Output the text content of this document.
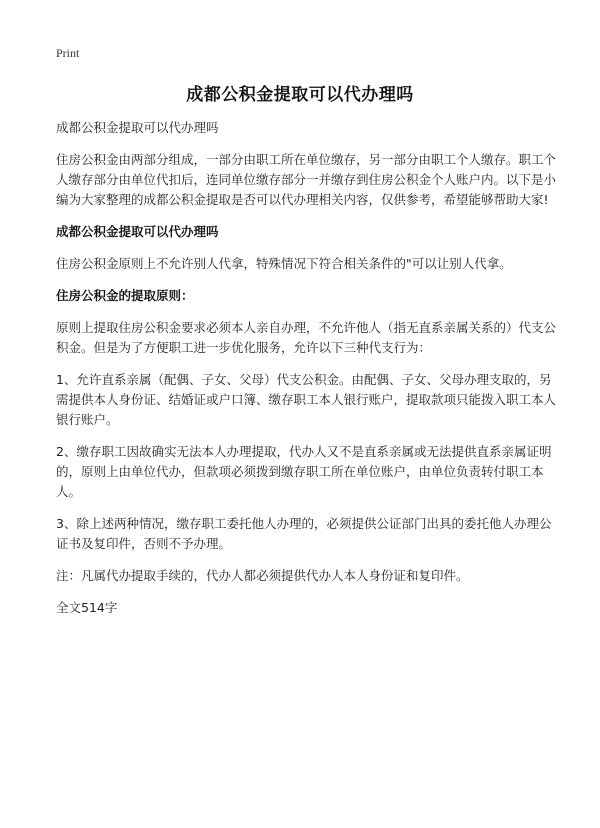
Print
成都公积金提取可以代办理吗

成都公积金提取可以代办理吗

住房公积金由两部分组成，一部分由职工所在单位缴存，另一部分由职工个人缴存。职工个人缴存部分由单位代扣后，连同单位缴存部分一并缴存到住房公积金个人账户内。以下是小编为大家整理的成都公积金提取是否可以代办理相关内容，仅供参考，希望能够帮助大家!

成都公积金提取可以代办理吗

住房公积金原则上不允许别人代拿，特殊情况下符合相关条件的"可以让别人代拿。

住房公积金的提取原则：

原则上提取住房公积金要求必须本人亲自办理，不允许他人（指无直系亲属关系的）代支公积金。但是为了方便职工进一步优化服务，允许以下三种代支行为：

1、允许直系亲属（配偶、子女、父母）代支公积金。由配偶、子女、父母办理支取的，另需提供本人身份证、结婚证或户口簿、缴存职工本人银行账户，提取款项只能拨入职工本人银行账户。

2、缴存职工因故确实无法本人办理提取，代办人又不是直系亲属或无法提供直系亲属证明的，原则上由单位代办，但款项必须拨到缴存职工所在单位账户，由单位负责转付职工本人。

3、除上述两种情况，缴存职工委托他人办理的，必须提供公证部门出具的委托他人办理公证书及复印件，否则不予办理。

注：凡属代办提取手续的，代办人都必须提供代办人本人身份证和复印件。

全文514字
